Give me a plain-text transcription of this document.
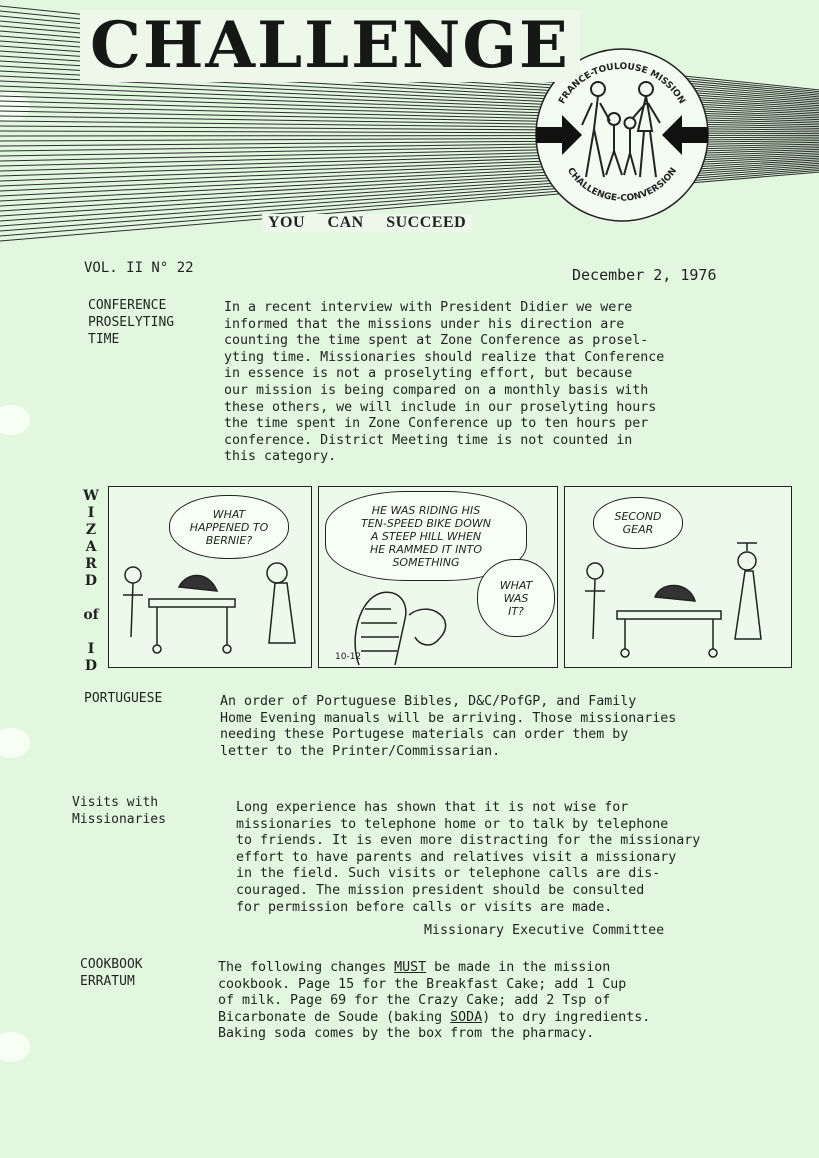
CHALLENGE
FRANCE-TOULOUSE MISSION
CHALLENGE-CONVERSION
YOU CAN SUCCEED
VOL. II N° 22	December 2, 1976
CONFERENCE
PROSELYTING
TIME
In a recent interview with President Didier we were
informed that the missions under his direction are
counting the time spent at Zone Conference as prosel-
yting time. Missionaries should realize that Conference
in essence is not a proselyting effort, but because
our mission is being compared on a monthly basis with
these others, we will include in our proselyting hours
the time spent in Zone Conference up to ten hours per
conference. District Meeting time is not counted in
this category.
W
I
Z
A
R
D

of

I
D
WHAT
HAPPENED TO
BERNIE?
HE WAS RIDING HIS
TEN-SPEED BIKE DOWN
A STEEP HILL WHEN
HE RAMMED IT INTO
SOMETHING
WHAT
WAS
IT?
10-12
SECOND
GEAR
PORTUGUESE	An order of Portuguese Bibles, D&C/PofGP, and Family
Home Evening manuals will be arriving. Those missionaries
needing these Portugese materials can order them by
letter to the Printer/Commissarian.
Visits with
Missionaries
Long experience has shown that it is not wise for
missionaries to telephone home or to talk by telephone
to friends. It is even more distracting for the missionary
effort to have parents and relatives visit a missionary
in the field. Such visits or telephone calls are dis-
couraged. The mission president should be consulted
for permission before calls or visits are made.
Missionary Executive Committee
COOKBOOK
ERRATUM
The following changes MUST be made in the mission
cookbook. Page 15 for the Breakfast Cake; add 1 Cup
of milk. Page 69 for the Crazy Cake; add 2 Tsp of
Bicarbonate de Soude (baking SODA) to dry ingredients.
Baking soda comes by the box from the pharmacy.
